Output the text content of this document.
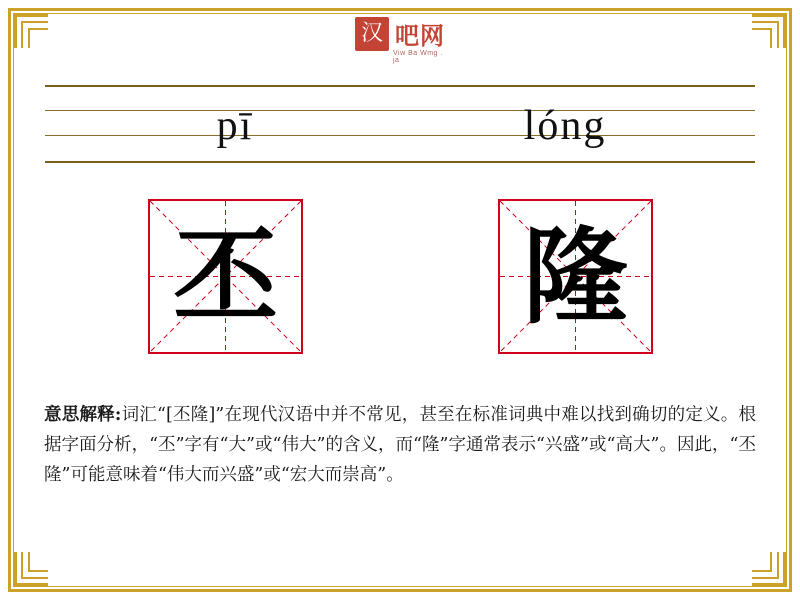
汉 吧网
Viw Ba Wmg . ja
pī	lóng
丕 隆
意思解释:词汇“[丕隆]”在现代汉语中并不常见，甚至在标准词典中难以找到确切的定义。根据字面分析，“丕”字有“大”或“伟大”的含义，而“隆”字通常表示“兴盛”或“高大”。因此，“丕隆”可能意味着“伟大而兴盛”或“宏大而崇高”。
